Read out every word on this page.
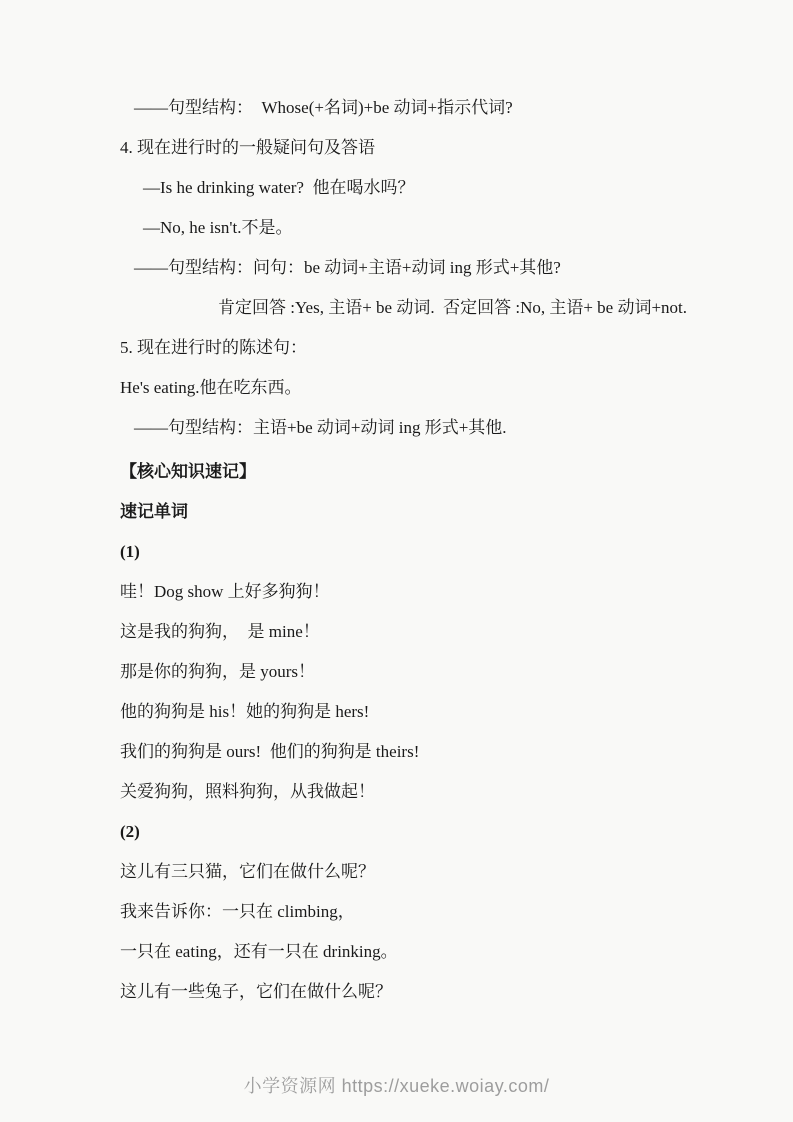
——句型结构：  Whose(+名词)+be 动词+指示代词?

4. 现在进行时的一般疑问句及答语

—Is he drinking water?  他在喝水吗？

—No, he isn't.不是。

——句型结构：问句：be 动词+主语+动词 ing 形式+其他?

肯定回答 :Yes, 主语+ be 动词.  否定回答 :No, 主语+ be 动词+not.

5. 现在进行时的陈述句：

He's eating.他在吃东西。

——句型结构：主语+be 动词+动词 ing 形式+其他.

【核心知识速记】

速记单词

(1)

哇！Dog show 上好多狗狗！

这是我的狗狗，  是 mine！

那是你的狗狗，是 yours！

他的狗狗是 his！她的狗狗是 hers!

我们的狗狗是 ours!  他们的狗狗是 theirs!

关爱狗狗，照料狗狗，从我做起！

(2)

这儿有三只猫，它们在做什么呢？

我来告诉你：一只在 climbing，

一只在 eating，还有一只在 drinking。

这儿有一些兔子，它们在做什么呢？

小学资源网 https://xueke.woiay.com/
